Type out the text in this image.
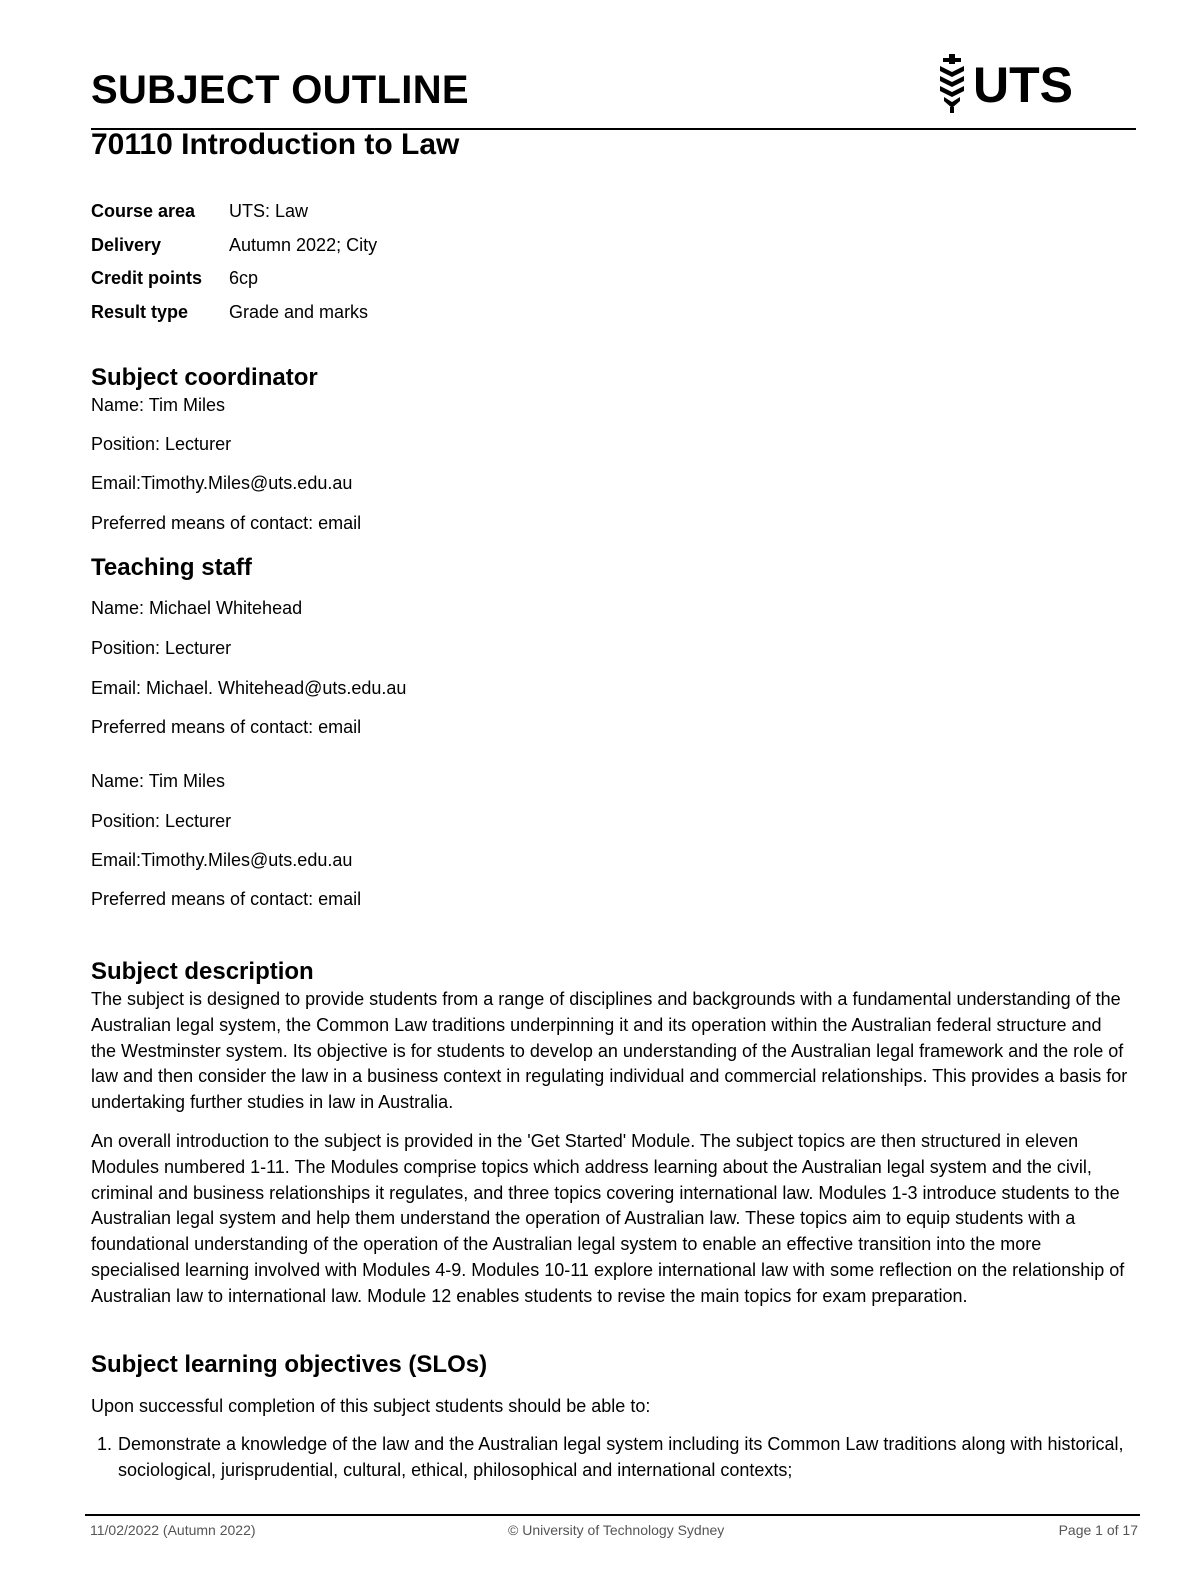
SUBJECT OUTLINE	UTS
70110 Introduction to Law
Course area	UTS: Law
Delivery	Autumn 2022; City
Credit points	6cp
Result type	Grade and marks
Subject coordinator
Name: Tim Miles
Position: Lecturer
Email:Timothy.Miles@uts.edu.au
Preferred means of contact: email
Teaching staff
Name: Michael Whitehead
Position: Lecturer
Email: Michael. Whitehead@uts.edu.au
Preferred means of contact: email
Name: Tim Miles
Position: Lecturer
Email:Timothy.Miles@uts.edu.au
Preferred means of contact: email
Subject description

The subject is designed to provide students from a range of disciplines and backgrounds with a fundamental understanding of the Australian legal system, the Common Law traditions underpinning it and its operation within the Australian federal structure and the Westminster system. Its objective is for students to develop an understanding of the Australian legal framework and the role of law and then consider the law in a business context in regulating individual and commercial relationships. This provides a basis for undertaking further studies in law in Australia.

An overall introduction to the subject is provided in the 'Get Started' Module. The subject topics are then structured in eleven Modules numbered 1-11. The Modules comprise topics which address learning about the Australian legal system and the civil, criminal and business relationships it regulates, and three topics covering international law. Modules 1-3 introduce students to the Australian legal system and help them understand the operation of Australian law. These topics aim to equip students with a foundational understanding of the operation of the Australian legal system to enable an effective transition into the more specialised learning involved with Modules 4-9. Modules 10-11 explore international law with some reflection on the relationship of Australian law to international law. Module 12 enables students to revise the main topics for exam preparation.

Subject learning objectives (SLOs)
Upon successful completion of this subject students should be able to:
1. Demonstrate a knowledge of the law and the Australian legal system including its Common Law traditions along with historical, sociological, jurisprudential, cultural, ethical, philosophical and international contexts;
11/02/2022 (Autumn 2022)	© University of Technology Sydney	Page 1 of 17
